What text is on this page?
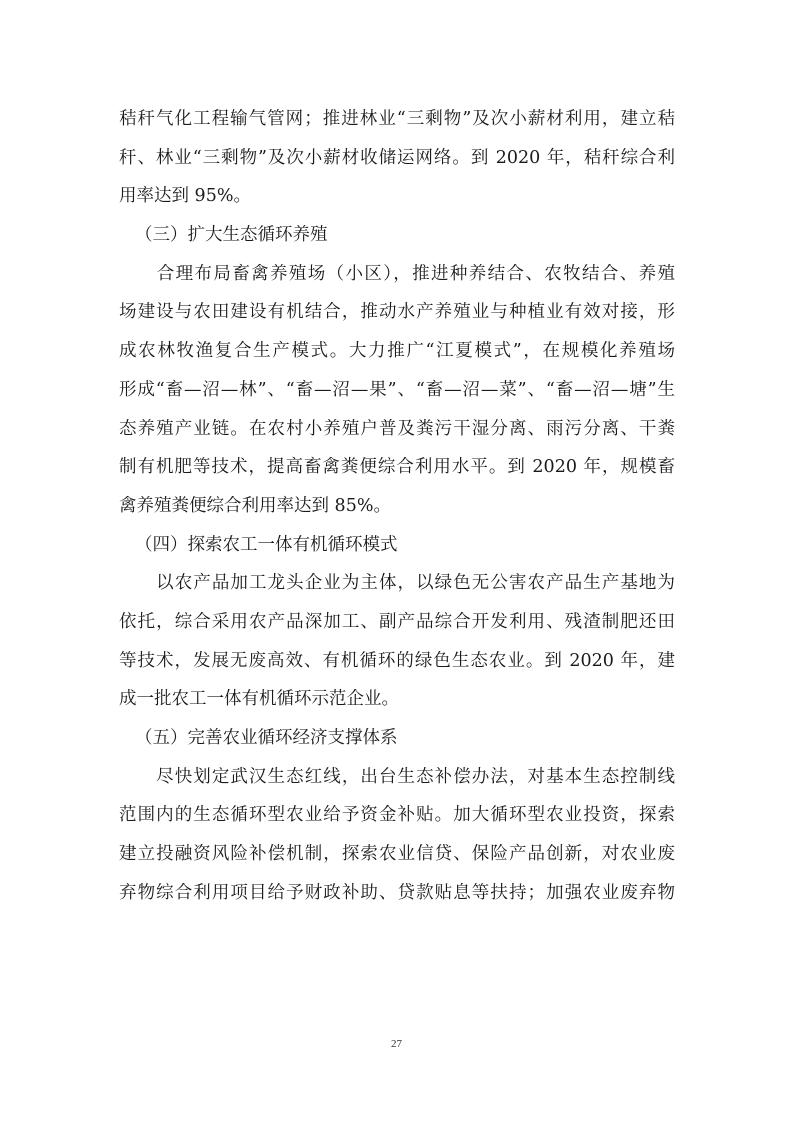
秸秆气化工程输气管网；推进林业“三剩物”及次小薪材利用，建立秸
秆、林业“三剩物”及次小薪材收储运网络。到 2020 年，秸秆综合利
用率达到 95%。
（三）扩大生态循环养殖
　　合理布局畜禽养殖场（小区），推进种养结合、农牧结合、养殖
场建设与农田建设有机结合，推动水产养殖业与种植业有效对接，形
成农林牧渔复合生产模式。大力推广“江夏模式”，在规模化养殖场
形成“畜—沼—林”、“畜—沼—果”、“畜—沼—菜”、“畜—沼—塘”生
态养殖产业链。在农村小养殖户普及粪污干湿分离、雨污分离、干粪
制有机肥等技术，提高畜禽粪便综合利用水平。到 2020 年，规模畜
禽养殖粪便综合利用率达到 85%。
（四）探索农工一体有机循环模式
　　以农产品加工龙头企业为主体，以绿色无公害农产品生产基地为
依托，综合采用农产品深加工、副产品综合开发利用、残渣制肥还田
等技术，发展无废高效、有机循环的绿色生态农业。到 2020 年，建
成一批农工一体有机循环示范企业。
（五）完善农业循环经济支撑体系
　　尽快划定武汉生态红线，出台生态补偿办法，对基本生态控制线
范围内的生态循环型农业给予资金补贴。加大循环型农业投资，探索
建立投融资风险补偿机制，探索农业信贷、保险产品创新，对农业废
弃物综合利用项目给予财政补助、贷款贴息等扶持；加强农业废弃物
27
